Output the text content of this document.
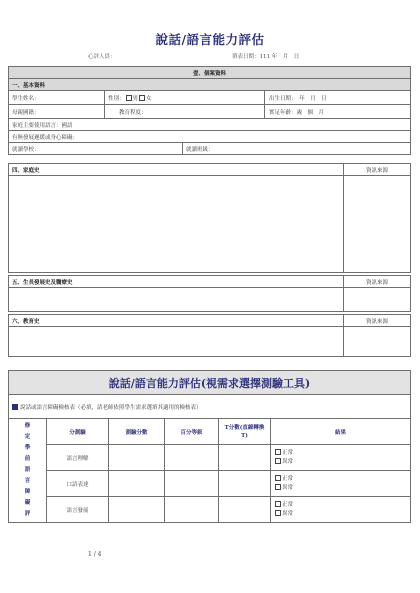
說話/語言能力評估
心評人員：	填表日期：111 年　月　日
壹、個案資料			
一、基本資料			
學生姓名：	性別： 男 女		出生日期：　年　月　日
母親國籍：	教育程度：		實足年齡：歲　個　月
家庭主要使用語言：國語			
有無發展遲緩或身心障礙：			
就讀學校：		就讀班級：	
四、家庭史	資訊來源

五、生長發展史及醫療史	資訊來源

六、教育史	資訊來源

說話/語言能力評估(視需求選擇測驗工具)					
說話或語言障礙檢核表（必填，請老師依照學生需求選填其適用的檢核表）					
修定學前語言障礙評	分測驗	測驗分數	百分等級	T分數(直線轉換T)	結果
	語言理解				正常
異常

	口語表達				正常
異常

	語言發展				正常
異常
1 / 4
